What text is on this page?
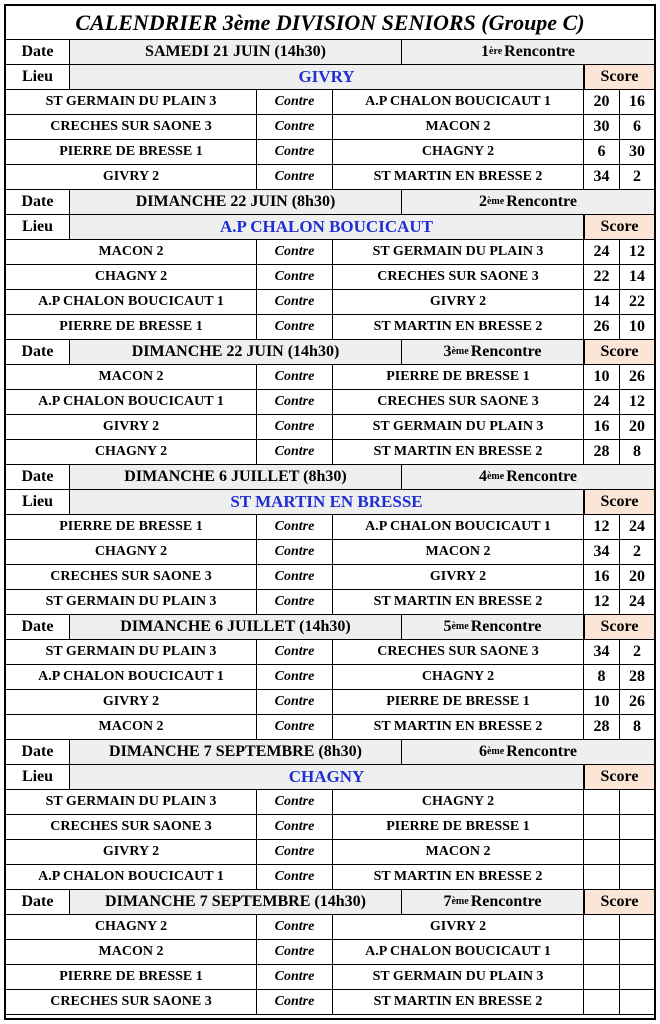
CALENDRIER 3ème DIVISION SENIORS (Groupe C)
Date	SAMEDI 21 JUIN (14h30)	1 ère Rencontre
Lieu	GIVRY	Score
ST GERMAIN DU PLAIN 3	Contre	A.P CHALON BOUCICAUT 1	20	16
CRECHES SUR SAONE 3	Contre	MACON 2	30	6
PIERRE DE BRESSE 1	Contre	CHAGNY 2	6	30
GIVRY 2	Contre	ST MARTIN EN BRESSE 2	34	2
Date	DIMANCHE 22 JUIN (8h30)	2 ème Rencontre
Lieu	A.P CHALON BOUCICAUT	Score
MACON 2	Contre	ST GERMAIN DU PLAIN 3	24	12
CHAGNY 2	Contre	CRECHES SUR SAONE 3	22	14
A.P CHALON BOUCICAUT 1	Contre	GIVRY 2	14	22
PIERRE DE BRESSE 1	Contre	ST MARTIN EN BRESSE 2	26	10
Date	DIMANCHE 22 JUIN (14h30)	3 ème Rencontre	Score
MACON 2	Contre	PIERRE DE BRESSE 1	10	26
A.P CHALON BOUCICAUT 1	Contre	CRECHES SUR SAONE 3	24	12
GIVRY 2	Contre	ST GERMAIN DU PLAIN 3	16	20
CHAGNY 2	Contre	ST MARTIN EN BRESSE 2	28	8
Date	DIMANCHE 6 JUILLET (8h30)	4 ème Rencontre
Lieu	ST MARTIN EN BRESSE	Score
PIERRE DE BRESSE 1	Contre	A.P CHALON BOUCICAUT 1	12	24
CHAGNY 2	Contre	MACON 2	34	2
CRECHES SUR SAONE 3	Contre	GIVRY 2	16	20
ST GERMAIN DU PLAIN 3	Contre	ST MARTIN EN BRESSE 2	12	24
Date	DIMANCHE 6 JUILLET (14h30)	5 ème Rencontre	Score
ST GERMAIN DU PLAIN 3	Contre	CRECHES SUR SAONE 3	34	2
A.P CHALON BOUCICAUT 1	Contre	CHAGNY 2	8	28
GIVRY 2	Contre	PIERRE DE BRESSE 1	10	26
MACON 2	Contre	ST MARTIN EN BRESSE 2	28	8
Date	DIMANCHE 7 SEPTEMBRE (8h30)	6 ème Rencontre
Lieu	CHAGNY	Score
ST GERMAIN DU PLAIN 3	Contre	CHAGNY 2
CRECHES SUR SAONE 3	Contre	PIERRE DE BRESSE 1
GIVRY 2	Contre	MACON 2
A.P CHALON BOUCICAUT 1	Contre	ST MARTIN EN BRESSE 2
Date	DIMANCHE 7 SEPTEMBRE (14h30)	7 ème Rencontre	Score
CHAGNY 2	Contre	GIVRY 2
MACON 2	Contre	A.P CHALON BOUCICAUT 1
PIERRE DE BRESSE 1	Contre	ST GERMAIN DU PLAIN 3
CRECHES SUR SAONE 3	Contre	ST MARTIN EN BRESSE 2
